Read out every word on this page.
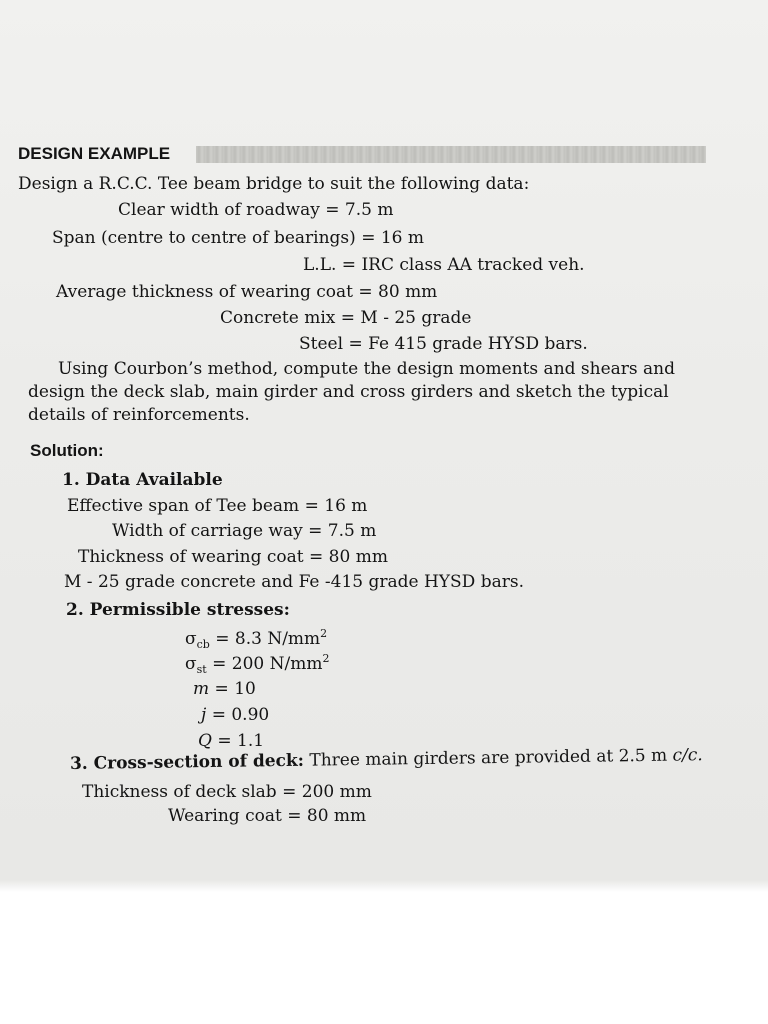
DESIGN EXAMPLE
Design a R.C.C. Tee beam bridge to suit the following data:
Clear width of roadway = 7.5 m
Span (centre to centre of bearings) = 16 m
L.L. = IRC class AA tracked veh.
Average thickness of wearing coat = 80 mm
Concrete mix = M - 25 grade
Steel = Fe 415 grade HYSD bars.
Using Courbon’s method, compute the design moments and shears and
design the deck slab, main girder and cross girders and sketch the typical
details of reinforcements.
Solution:
1. Data Available
Effective span of Tee beam = 16 m
Width of carriage way = 7.5 m
Thickness of wearing coat = 80 mm
M - 25 grade concrete and Fe -415 grade HYSD bars.
2. Permissible stresses:
$\sigma_{cb} = 8.3$ $N/mm^2$
$\sigma_{st} = 200$ $N/mm^2$
m = 10
j = 0.90
Q = 1.1
3. Cross-section of deck: Three main girders are provided at 2.5 m c/c.
Thickness of deck slab = 200 mm
Wearing coat = 80 mm
